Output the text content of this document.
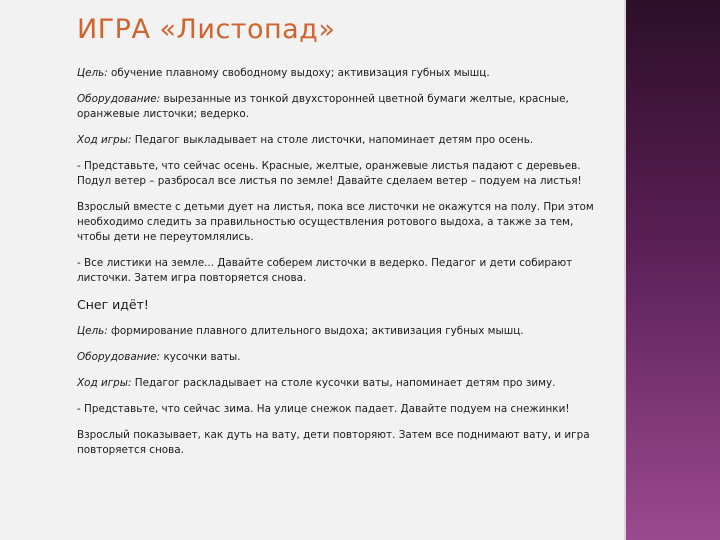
ИГРА «Листопад»

Цель: обучение плавному свободному выдоху; активизация губных мышц.

Оборудование: вырезанные из тонкой двухсторонней цветной бумаги желтые, красные, оранжевые листочки; ведерко.

Ход игры: Педагог выкладывает на столе листочки, напоминает детям про осень.

- Представьте, что сейчас осень. Красные, желтые, оранжевые листья падают с деревьев. Подул ветер – разбросал все листья по земле! Давайте сделаем ветер – подуем на листья!

Взрослый вместе с детьми дует на листья, пока все листочки не окажутся на полу. При этом необходимо следить за правильностью осуществления ротового выдоха, а также за тем, чтобы дети не переутомлялись.

- Все листики на земле... Давайте соберем листочки в ведерко. Педагог и дети собирают листочки. Затем игра повторяется снова.

Снег идёт!

Цель: формирование плавного длительного выдоха; активизация губных мышц.

Оборудование: кусочки ваты.

Ход игры: Педагог раскладывает на столе кусочки ваты, напоминает детям про зиму.

- Представьте, что сейчас зима. На улице снежок падает. Давайте подуем на снежинки!

Взрослый показывает, как дуть на вату, дети повторяют. Затем все поднимают вату, и игра повторяется снова.
